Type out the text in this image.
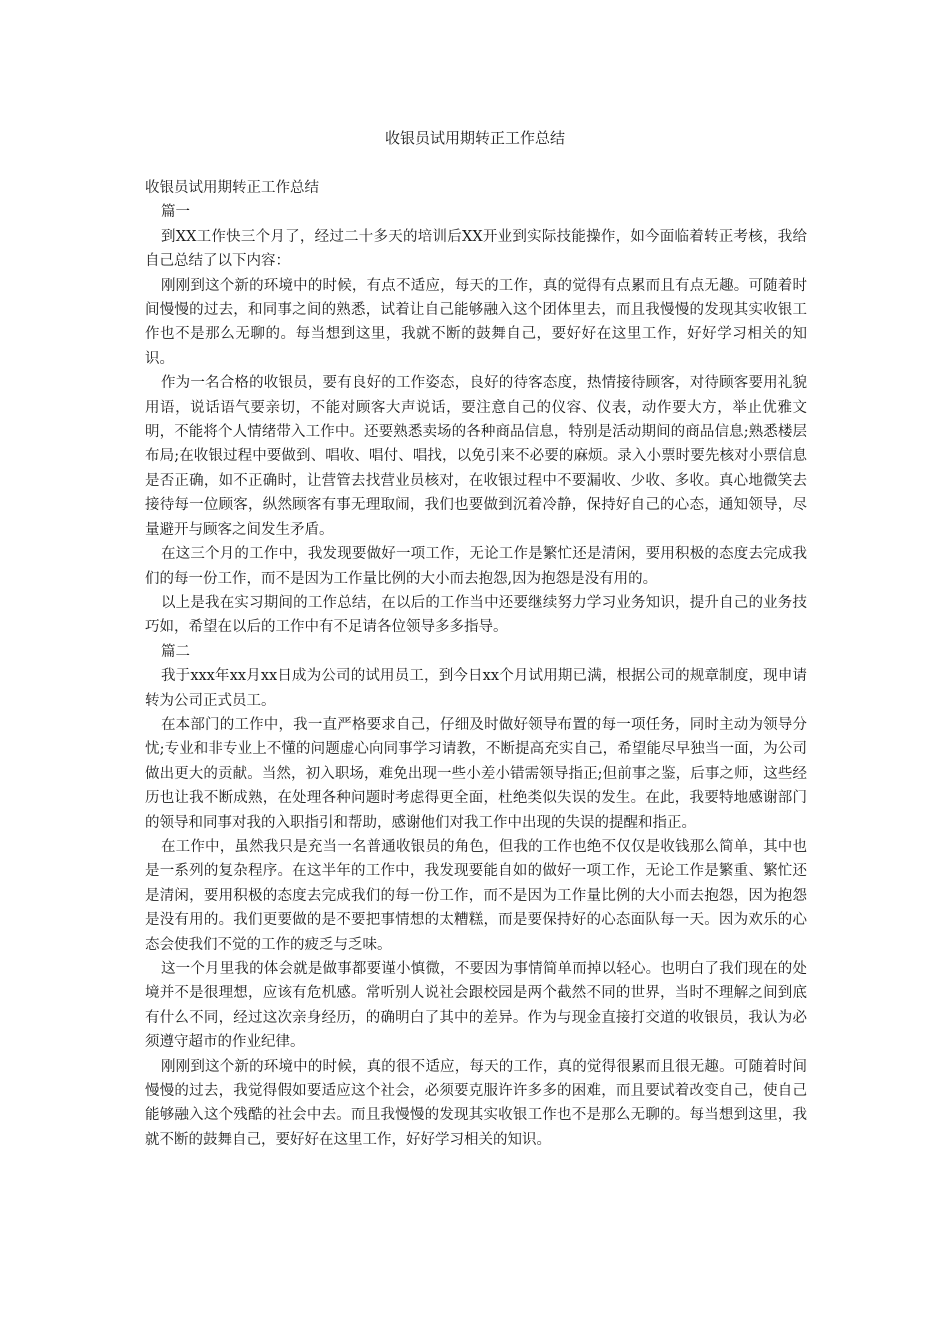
收银员试用期转正工作总结

收银员试用期转正工作总结

篇一

到XX工作快三个月了，经过二十多天的培训后XX开业到实际技能操作，如今面临着转正考核，我给自己总结了以下内容：

刚刚到这个新的环境中的时候，有点不适应，每天的工作，真的觉得有点累而且有点无趣。可随着时间慢慢的过去，和同事之间的熟悉，试着让自己能够融入这个团体里去，而且我慢慢的发现其实收银工作也不是那么无聊的。每当想到这里，我就不断的鼓舞自己，要好好在这里工作，好好学习相关的知识。

作为一名合格的收银员，要有良好的工作姿态，良好的待客态度，热情接待顾客，对待顾客要用礼貌用语，说话语气要亲切，不能对顾客大声说话，要注意自己的仪容、仪表，动作要大方，举止优雅文明，不能将个人情绪带入工作中。还要熟悉卖场的各种商品信息，特别是活动期间的商品信息;熟悉楼层布局;在收银过程中要做到、唱收、唱付、唱找，以免引来不必要的麻烦。录入小票时要先核对小票信息是否正确，如不正确时，让营管去找营业员核对，在收银过程中不要漏收、少收、多收。真心地微笑去接待每一位顾客，纵然顾客有事无理取闹，我们也要做到沉着冷静，保持好自己的心态，通知领导，尽量避开与顾客之间发生矛盾。

在这三个月的工作中，我发现要做好一项工作，无论工作是繁忙还是清闲，要用积极的态度去完成我们的每一份工作，而不是因为工作量比例的大小而去抱怨,因为抱怨是没有用的。

以上是我在实习期间的工作总结，在以后的工作当中还要继续努力学习业务知识，提升自己的业务技巧如，希望在以后的工作中有不足请各位领导多多指导。

篇二

我于xxx年xx月xx日成为公司的试用员工，到今日xx个月试用期已满，根据公司的规章制度，现申请转为公司正式员工。

在本部门的工作中，我一直严格要求自己，仔细及时做好领导布置的每一项任务，同时主动为领导分忧;专业和非专业上不懂的问题虚心向同事学习请教，不断提高充实自己，希望能尽早独当一面，为公司做出更大的贡献。当然，初入职场，难免出现一些小差小错需领导指正;但前事之鉴，后事之师，这些经历也让我不断成熟，在处理各种问题时考虑得更全面，杜绝类似失误的发生。在此，我要特地感谢部门的领导和同事对我的入职指引和帮助，感谢他们对我工作中出现的失误的提醒和指正。

在工作中，虽然我只是充当一名普通收银员的角色，但我的工作也绝不仅仅是收钱那么简单，其中也是一系列的复杂程序。在这半年的工作中，我发现要能自如的做好一项工作，无论工作是繁重、繁忙还是清闲，要用积极的态度去完成我们的每一份工作，而不是因为工作量比例的大小而去抱怨，因为抱怨是没有用的。我们更要做的是不要把事情想的太糟糕，而是要保持好的心态面队每一天。因为欢乐的心态会使我们不觉的工作的疲乏与乏味。

这一个月里我的体会就是做事都要谨小慎微，不要因为事情简单而掉以轻心。也明白了我们现在的处境并不是很理想，应该有危机感。常听别人说社会跟校园是两个截然不同的世界，当时不理解之间到底有什么不同，经过这次亲身经历，的确明白了其中的差异。作为与现金直接打交道的收银员，我认为必须遵守超市的作业纪律。

刚刚到这个新的环境中的时候，真的很不适应，每天的工作，真的觉得很累而且很无趣。可随着时间慢慢的过去，我觉得假如要适应这个社会，必须要克服许许多多的困难，而且要试着改变自己，使自己能够融入这个残酷的社会中去。而且我慢慢的发现其实收银工作也不是那么无聊的。每当想到这里，我就不断的鼓舞自己，要好好在这里工作，好好学习相关的知识。
